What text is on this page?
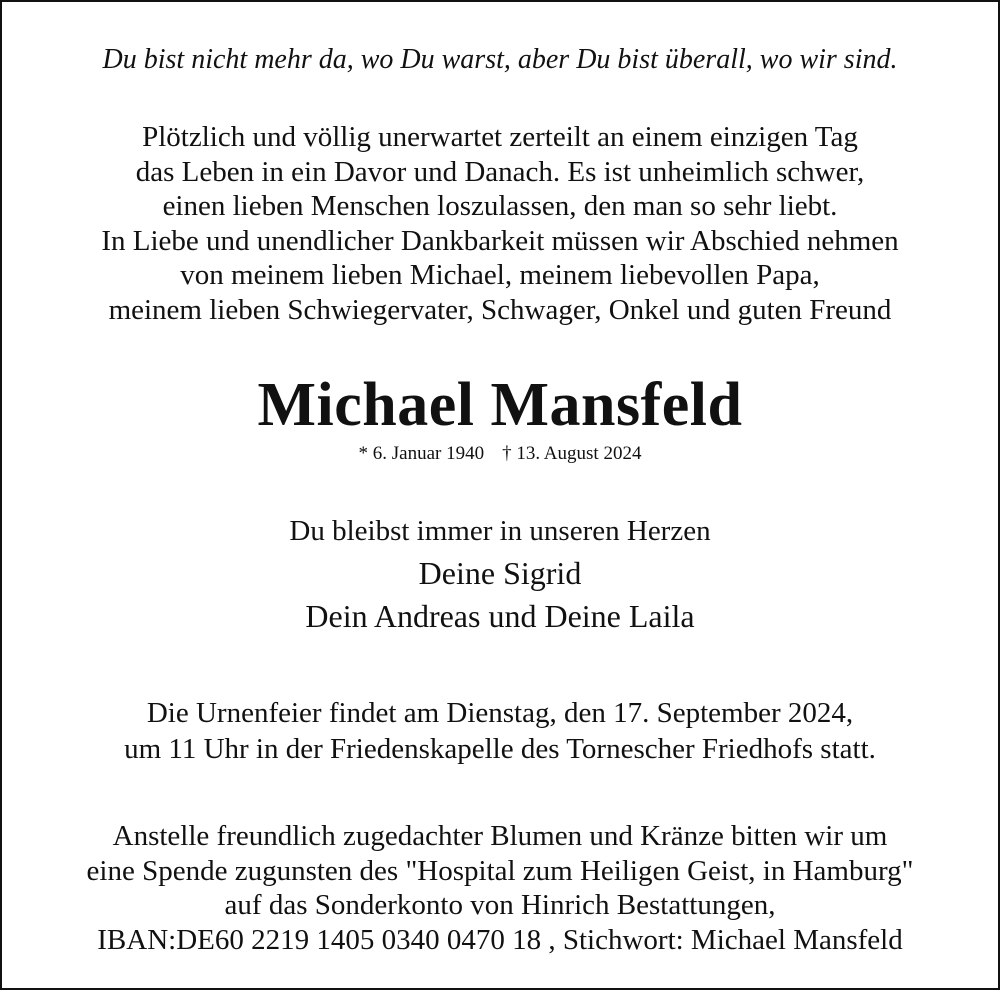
Du bist nicht mehr da, wo Du warst, aber Du bist überall, wo wir sind.

Plötzlich und völlig unerwartet zerteilt an einem einzigen Tag
das Leben in ein Davor und Danach. Es ist unheimlich schwer,
einen lieben Menschen loszulassen, den man so sehr liebt.
In Liebe und unendlicher Dankbarkeit müssen wir Abschied nehmen
von meinem lieben Michael, meinem liebevollen Papa,
meinem lieben Schwiegervater, Schwager, Onkel und guten Freund
Michael Mansfeld
* 6. Januar 1940 † 13. August 2024

Du bleibst immer in unseren Herzen

Deine Sigrid

Dein Andreas und Deine Laila

Die Urnenfeier findet am Dienstag, den 17. September 2024,
um 11 Uhr in der Friedenskapelle des Tornescher Friedhofs statt.
Anstelle freundlich zugedachter Blumen und Kränze bitten wir um
eine Spende zugunsten des "Hospital zum Heiligen Geist, in Hamburg"
auf das Sonderkonto von Hinrich Bestattungen,
IBAN:DE60 2219 1405 0340 0470 18 , Stichwort: Michael Mansfeld
